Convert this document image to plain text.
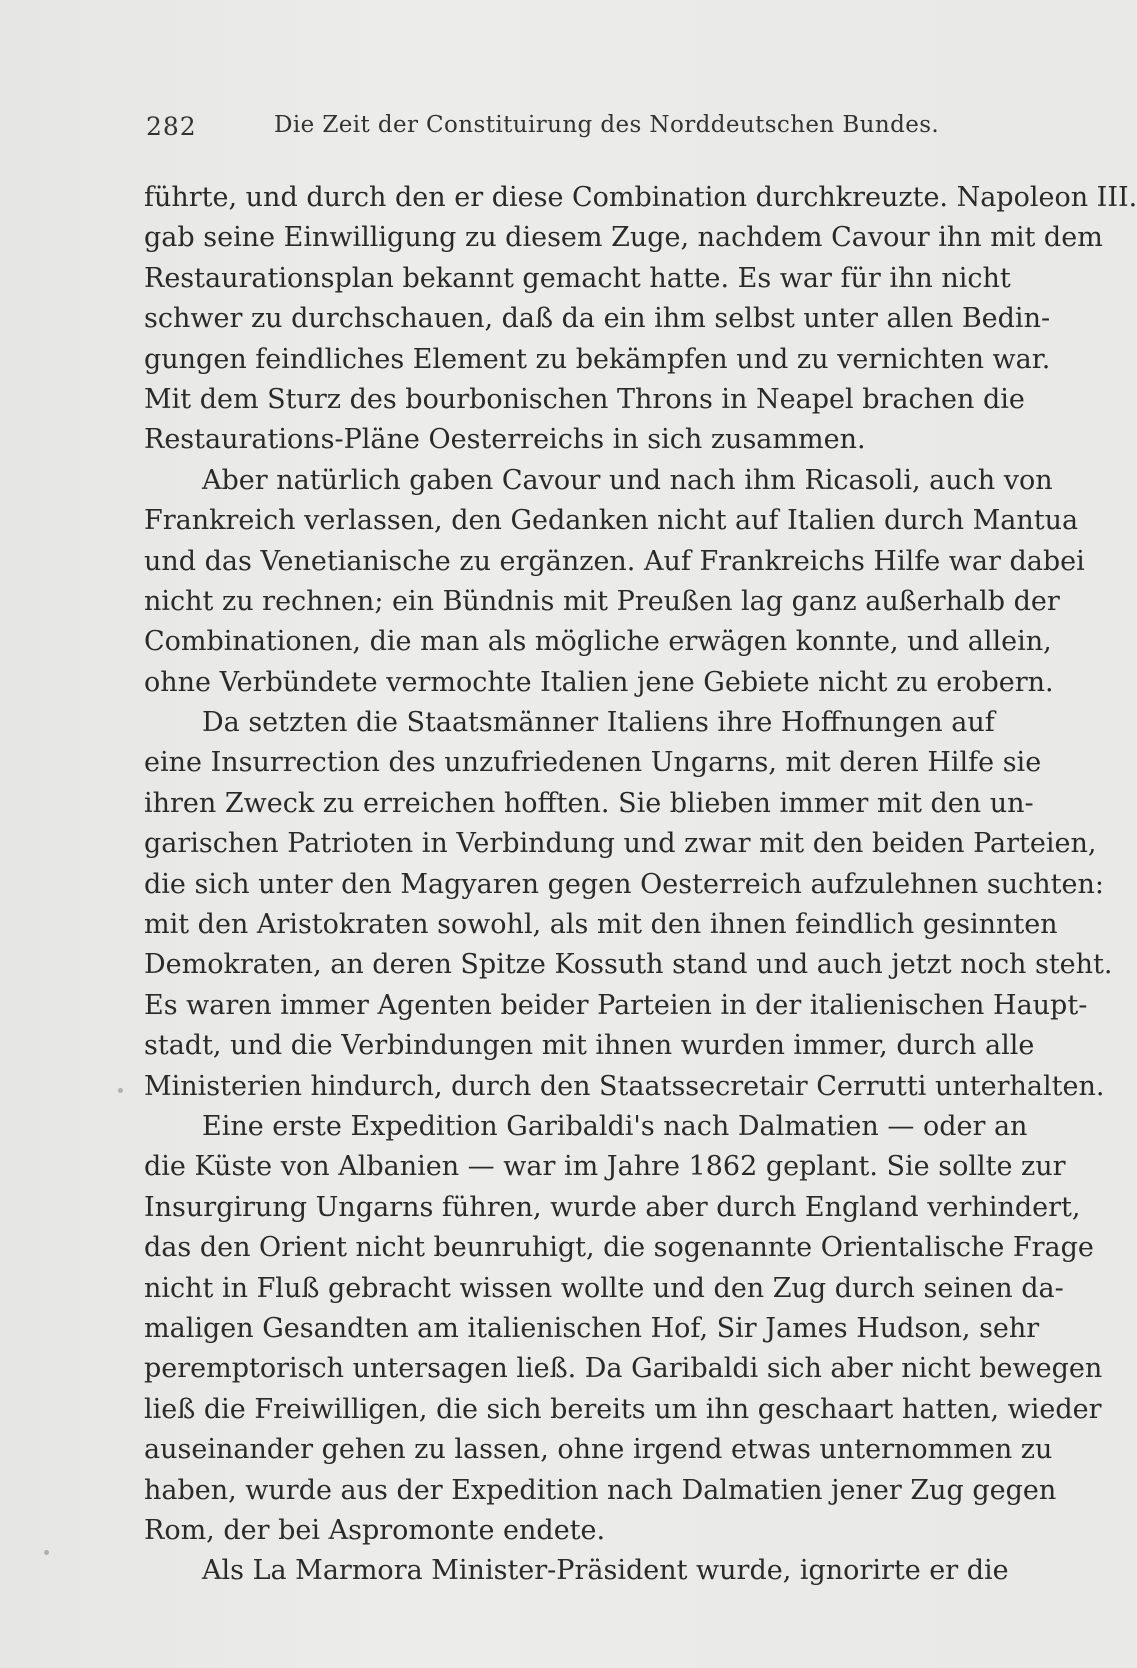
282	Die Zeit der Constituirung des Norddeutschen Bundes.
führte, und durch den er diese Combination durchkreuzte. Napoleon III.
gab seine Einwilligung zu diesem Zuge, nachdem Cavour ihn mit dem
Restaurationsplan bekannt gemacht hatte. Es war für ihn nicht
schwer zu durchschauen, daß da ein ihm selbst unter allen Bedin-
gungen feindliches Element zu bekämpfen und zu vernichten war.
Mit dem Sturz des bourbonischen Throns in Neapel brachen die
Restaurations-Pläne Oesterreichs in sich zusammen.
Aber natürlich gaben Cavour und nach ihm Ricasoli, auch von
Frankreich verlassen, den Gedanken nicht auf Italien durch Mantua
und das Venetianische zu ergänzen. Auf Frankreichs Hilfe war dabei
nicht zu rechnen; ein Bündnis mit Preußen lag ganz außerhalb der
Combinationen, die man als mögliche erwägen konnte, und allein,
ohne Verbündete vermochte Italien jene Gebiete nicht zu erobern.
Da setzten die Staatsmänner Italiens ihre Hoffnungen auf
eine Insurrection des unzufriedenen Ungarns, mit deren Hilfe sie
ihren Zweck zu erreichen hofften. Sie blieben immer mit den un-
garischen Patrioten in Verbindung und zwar mit den beiden Parteien,
die sich unter den Magyaren gegen Oesterreich aufzulehnen suchten:
mit den Aristokraten sowohl, als mit den ihnen feindlich gesinnten
Demokraten, an deren Spitze Kossuth stand und auch jetzt noch steht.
Es waren immer Agenten beider Parteien in der italienischen Haupt-
stadt, und die Verbindungen mit ihnen wurden immer, durch alle
Ministerien hindurch, durch den Staatssecretair Cerrutti unterhalten.
Eine erste Expedition Garibaldi's nach Dalmatien — oder an
die Küste von Albanien — war im Jahre 1862 geplant. Sie sollte zur
Insurgirung Ungarns führen, wurde aber durch England verhindert,
das den Orient nicht beunruhigt, die sogenannte Orientalische Frage
nicht in Fluß gebracht wissen wollte und den Zug durch seinen da-
maligen Gesandten am italienischen Hof, Sir James Hudson, sehr
peremptorisch untersagen ließ. Da Garibaldi sich aber nicht bewegen
ließ die Freiwilligen, die sich bereits um ihn geschaart hatten, wieder
auseinander gehen zu lassen, ohne irgend etwas unternommen zu
haben, wurde aus der Expedition nach Dalmatien jener Zug gegen
Rom, der bei Aspromonte endete.
Als La Marmora Minister-Präsident wurde, ignorirte er die
